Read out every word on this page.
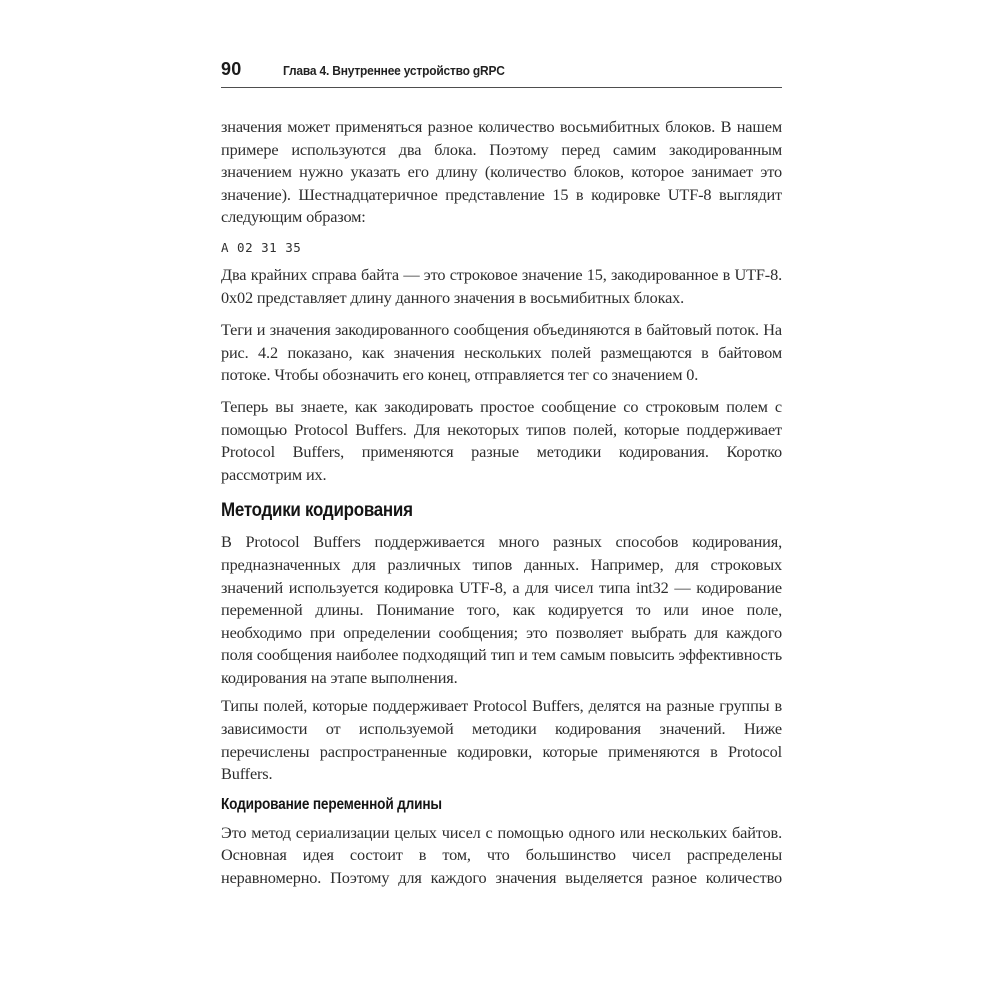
90	Глава 4. Внутреннее устройство gRPC

значения может применяться разное количество восьмибитных блоков. В нашем примере используются два блока. Поэтому перед самим закодированным значением нужно указать его длину (количество блоков, которое занимает это значение). Шестнадцатеричное представление 15 в кодировке UTF-8 выглядит следующим образом:

A 02 31 35

Два крайних справа байта — это строковое значение 15, закодированное в UTF-8. 0x02 представляет длину данного значения в восьмибитных блоках.

Теги и значения закодированного сообщения объединяются в байтовый поток. На рис. 4.2 показано, как значения нескольких полей размещаются в байтовом потоке. Чтобы обозначить его конец, отправляется тег со значением 0.

Теперь вы знаете, как закодировать простое сообщение со строковым полем с помощью Protocol Buffers. Для некоторых типов полей, которые поддерживает Protocol Buffers, применяются разные методики кодирования. Коротко рассмотрим их.

Методики кодирования

В Protocol Buffers поддерживается много разных способов кодирования, предназначенных для различных типов данных. Например, для строковых значений используется кодировка UTF-8, а для чисел типа int32 — кодирование переменной длины. Понимание того, как кодируется то или иное поле, необходимо при определении сообщения; это позволяет выбрать для каждого поля сообщения наиболее подходящий тип и тем самым повысить эффективность кодирования на этапе выполнения.

Типы полей, которые поддерживает Protocol Buffers, делятся на разные группы в зависимости от используемой методики кодирования значений. Ниже перечислены распространенные кодировки, которые применяются в Protocol Buffers.

Кодирование переменной длины

Это метод сериализации целых чисел с помощью одного или нескольких байтов. Основная идея состоит в том, что большинство чисел распределены неравномерно. Поэтому для каждого значения выделяется разное количество
